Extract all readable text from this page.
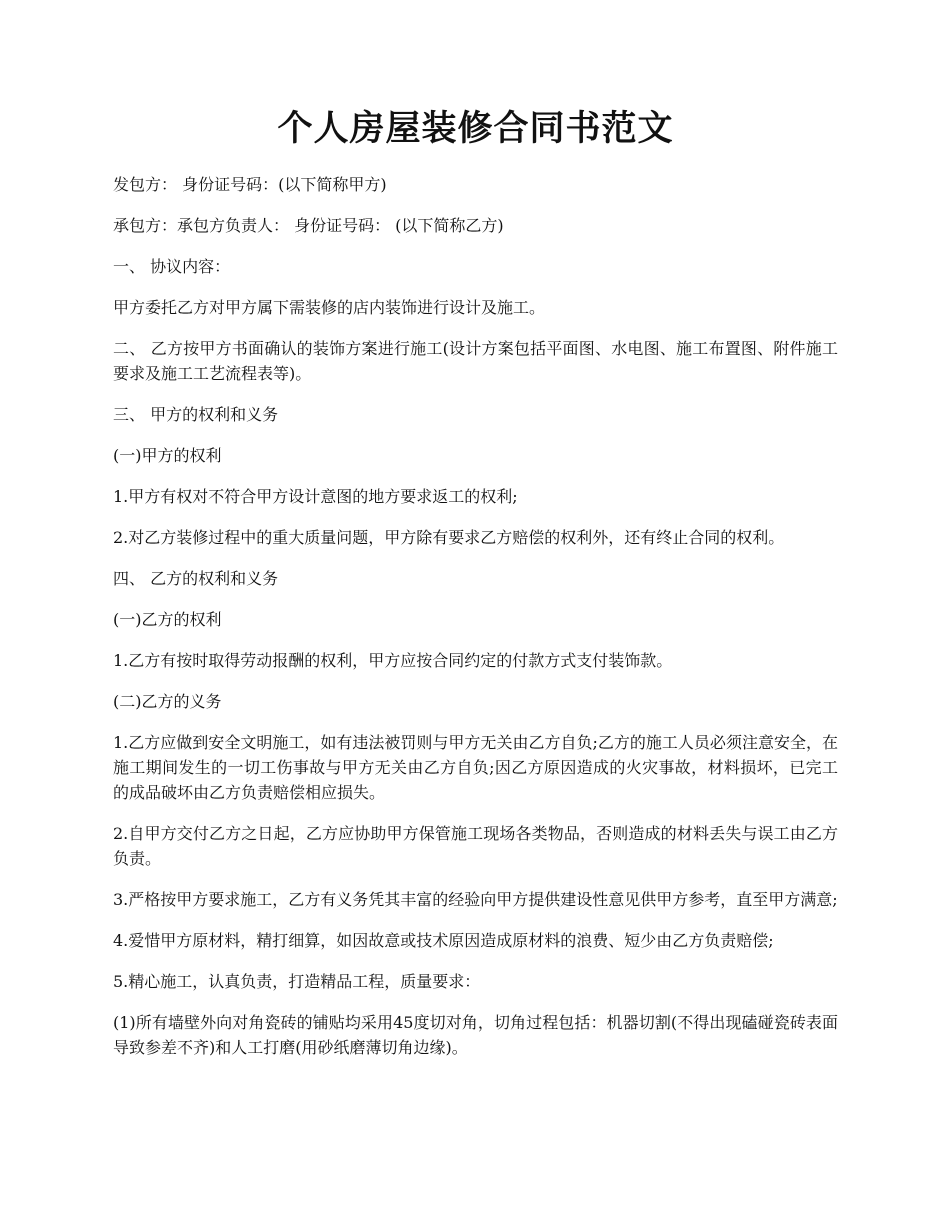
个人房屋装修合同书范文

发包方： 身份证号码：(以下简称甲方)

承包方：承包方负责人： 身份证号码： (以下简称乙方)

一、 协议内容：

甲方委托乙方对甲方属下需装修的店内装饰进行设计及施工。

二、 乙方按甲方书面确认的装饰方案进行施工(设计方案包括平面图、水电图、施工布置图、附件施工要求及施工工艺流程表等)。

三、 甲方的权利和义务

(一)甲方的权利

1.甲方有权对不符合甲方设计意图的地方要求返工的权利;

2.对乙方装修过程中的重大质量问题，甲方除有要求乙方赔偿的权利外，还有终止合同的权利。

四、 乙方的权利和义务

(一)乙方的权利

1.乙方有按时取得劳动报酬的权利，甲方应按合同约定的付款方式支付装饰款。

(二)乙方的义务

1.乙方应做到安全文明施工，如有违法被罚则与甲方无关由乙方自负;乙方的施工人员必须注意安全，在施工期间发生的一切工伤事故与甲方无关由乙方自负;因乙方原因造成的火灾事故，材料损坏，已完工的成品破坏由乙方负责赔偿相应损失。

2.自甲方交付乙方之日起，乙方应协助甲方保管施工现场各类物品，否则造成的材料丢失与误工由乙方负责。

3.严格按甲方要求施工，乙方有义务凭其丰富的经验向甲方提供建设性意见供甲方参考，直至甲方满意;

4.爱惜甲方原材料，精打细算，如因故意或技术原因造成原材料的浪费、短少由乙方负责赔偿;

5.精心施工，认真负责，打造精品工程，质量要求：

(1)所有墙壁外向对角瓷砖的铺贴均采用45度切对角，切角过程包括：机器切割(不得出现磕碰瓷砖表面导致参差不齐)和人工打磨(用砂纸磨薄切角边缘)。
